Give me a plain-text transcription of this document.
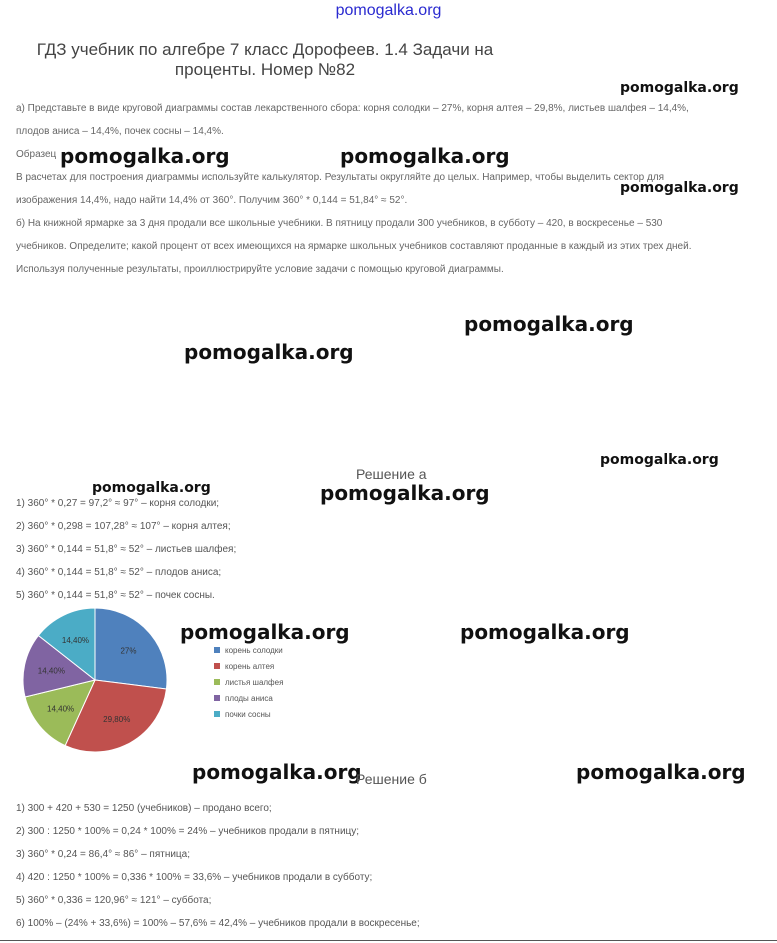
pomogalka.org
ГДЗ учебник по алгебре 7 класс Дорофеев. 1.4 Задачи на проценты. Номер №82

а) Представьте в виде круговой диаграммы состав лекарственного сбора: корня солодки – 27%, корня алтея – 29,8%, листьев шалфея – 14,4%,

плодов аниса – 14,4%, почек сосны – 14,4%.

Образец

В расчетах для построения диаграммы используйте калькулятор. Результаты округляйте до целых. Например, чтобы выделить сектор для

изображения 14,4%, надо найти 14,4% от 360°. Получим 360° * 0,144 = 51,84° ≈ 52°.

б) На книжной ярмарке за 3 дня продали все школьные учебники. В пятницу продали 300 учебников, в субботу – 420, в воскресенье – 530

учебников. Определите; какой процент от всех имеющихся на ярмарке школьных учебников составляют проданные в каждый из этих трех дней.

Используя полученные результаты, проиллюстрируйте условие задачи с помощью круговой диаграммы.

pomogalka.org
pomogalka.org	pomogalka.org
pomogalka.org
pomogalka.org
pomogalka.org
pomogalka.org
pomogalka.org	pomogalka.org
pomogalka.org	pomogalka.org
pomogalka.org	pomogalka.org
Решение а
1) 360° * 0,27 = 97,2° ≈ 97° – корня солодки;
2) 360° * 0,298 = 107,28° ≈ 107° – корня алтея;
3) 360° * 0,144 = 51,8° ≈ 52° – листьев шалфея;
4) 360° * 0,144 = 51,8° ≈ 52° – плодов аниса;
5) 360° * 0,144 = 51,8° ≈ 52° – почек сосны.
27%
29,80%
14,40%
14,40%
14,40%
корень солодки
корень алтея
листья шалфея
плоды аниса
почки сосны
Решение б
1) 300 + 420 + 530 = 1250 (учебников) – продано всего;
2) 300 : 1250 * 100% = 0,24 * 100% = 24% – учебников продали в пятницу;
3) 360° * 0,24 = 86,4° ≈ 86° – пятница;
4) 420 : 1250 * 100% = 0,336 * 100% = 33,6% – учебников продали в субботу;
5) 360° * 0,336 = 120,96° ≈ 121° – суббота;
6) 100% – (24% + 33,6%) = 100% – 57,6% = 42,4% – учебников продали в воскресенье;
